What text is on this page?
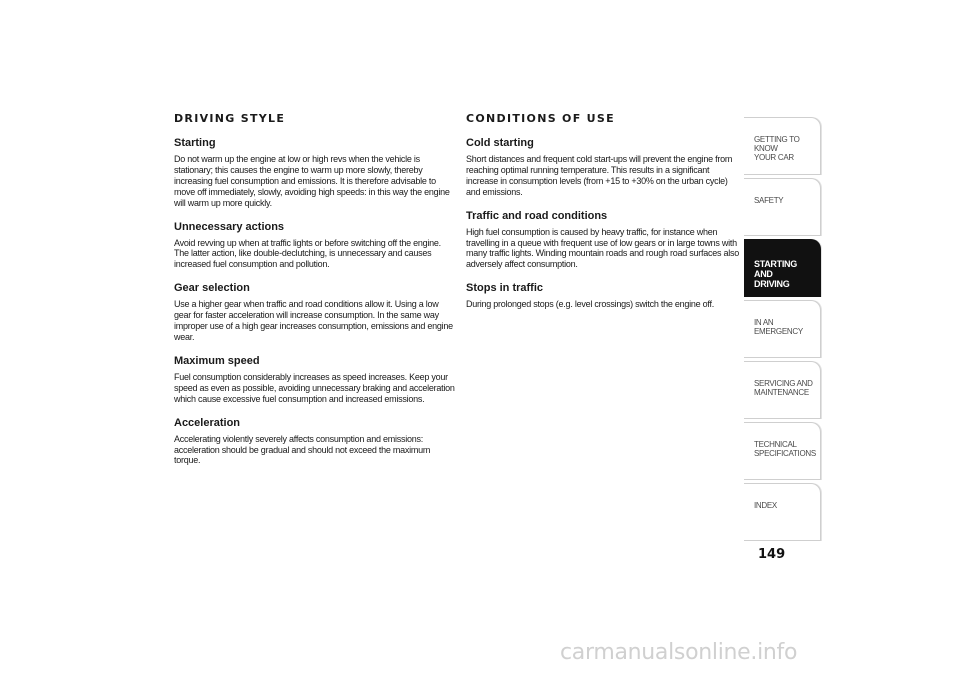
DRIVING STYLE
Starting
Do not warm up the engine at low or high revs when the vehicle is stationary; this causes the engine to warm up more slowly, thereby increasing fuel consumption and emissions. It is therefore advisable to move off immediately, slowly, avoiding high speeds: in this way the engine will warm up more quickly.
Unnecessary actions
Avoid revving up when at traffic lights or before switching off the engine. The latter action, like double-declutching, is unnecessary and causes increased fuel consumption and pollution.
Gear selection
Use a higher gear when traffic and road conditions allow it. Using a low gear for faster acceleration will increase consumption. In the same way improper use of a high gear increases consumption, emissions and engine wear.
Maximum speed
Fuel consumption considerably increases as speed increases. Keep your speed as even as possible, avoiding unnecessary braking and acceleration which cause excessive fuel consumption and increased emissions.
Acceleration
Accelerating violently severely affects consumption and emissions: acceleration should be gradual and should not exceed the maximum torque.
CONDITIONS OF USE
Cold starting
Short distances and frequent cold start-ups will prevent the engine from reaching optimal running temperature. This results in a significant increase in consumption levels (from +15 to +30% on the urban cycle) and emissions.
Traffic and road conditions
High fuel consumption is caused by heavy traffic, for instance when travelling in a queue with frequent use of low gears or in large towns with many traffic lights. Winding mountain roads and rough road surfaces also adversely affect consumption.
Stops in traffic
During prolonged stops (e.g. level crossings) switch the engine off.
GETTING TO KNOW
YOUR CAR
SAFETY
STARTING AND
DRIVING
IN AN EMERGENCY
SERVICING AND
MAINTENANCE
TECHNICAL
SPECIFICATIONS
INDEX
149
carmanualsonline.info
